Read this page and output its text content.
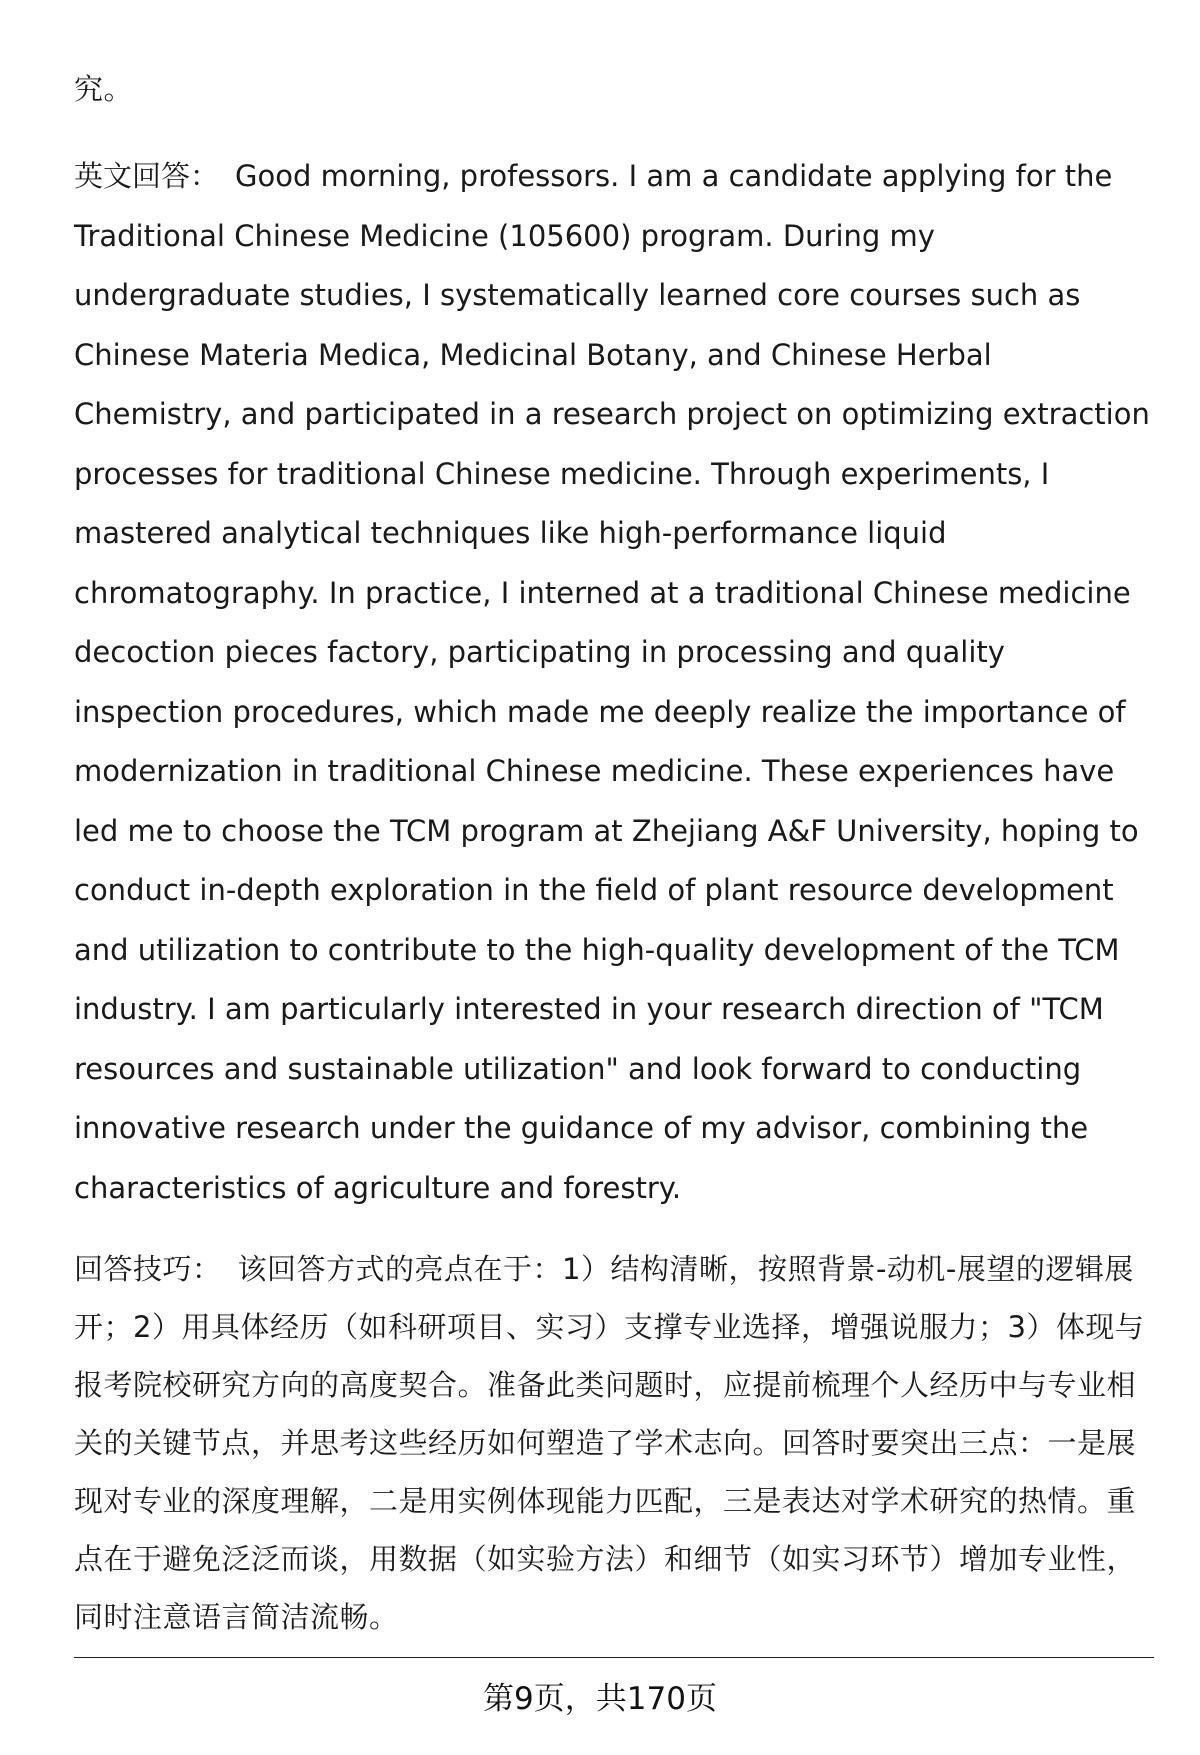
究。

英文回答： Good morning, professors. I am a candidate applying for the Traditional Chinese Medicine (105600) program. During my undergraduate studies, I systematically learned core courses such as Chinese Materia Medica, Medicinal Botany, and Chinese Herbal Chemistry, and participated in a research project on optimizing extraction processes for traditional Chinese medicine. Through experiments, I mastered analytical techniques like high-performance liquid chromatography. In practice, I interned at a traditional Chinese medicine decoction pieces factory, participating in processing and quality inspection procedures, which made me deeply realize the importance of modernization in traditional Chinese medicine. These experiences have led me to choose the TCM program at Zhejiang A&F University, hoping to conduct in-depth exploration in the field of plant resource development and utilization to contribute to the high-quality development of the TCM industry. I am particularly interested in your research direction of "TCM resources and sustainable utilization" and look forward to conducting innovative research under the guidance of my advisor, combining the characteristics of agriculture and forestry.

回答技巧： 该回答方式的亮点在于：1）结构清晰，按照背景-动机-展望的逻辑展开；2）用具体经历（如科研项目、实习）支撑专业选择，增强说服力；3）体现与报考院校研究方向的高度契合。准备此类问题时，应提前梳理个人经历中与专业相关的关键节点，并思考这些经历如何塑造了学术志向。回答时要突出三点：一是展现对专业的深度理解，二是用实例体现能力匹配，三是表达对学术研究的热情。重点在于避免泛泛而谈，用数据（如实验方法）和细节（如实习环节）增加专业性，同时注意语言简洁流畅。

第9页，共170页
